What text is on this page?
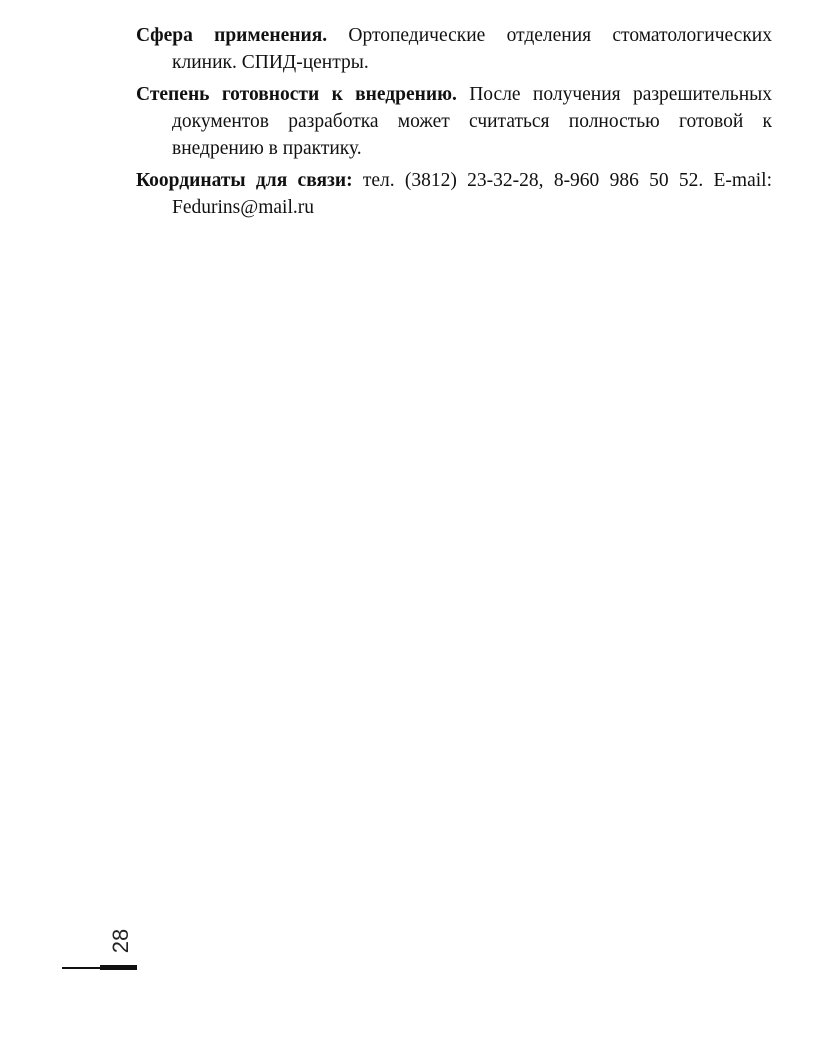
Сфера применения. Ортопедические отделения стоматологических клиник. СПИД-центры.

Степень готовности к внедрению. После получения разрешительных документов разработка может считаться полностью готовой к внедрению в практику.

Координаты для связи: тел. (3812) 23-32-28, 8-960 986 50 52. E-mail: Fedurins@mail.ru

28
